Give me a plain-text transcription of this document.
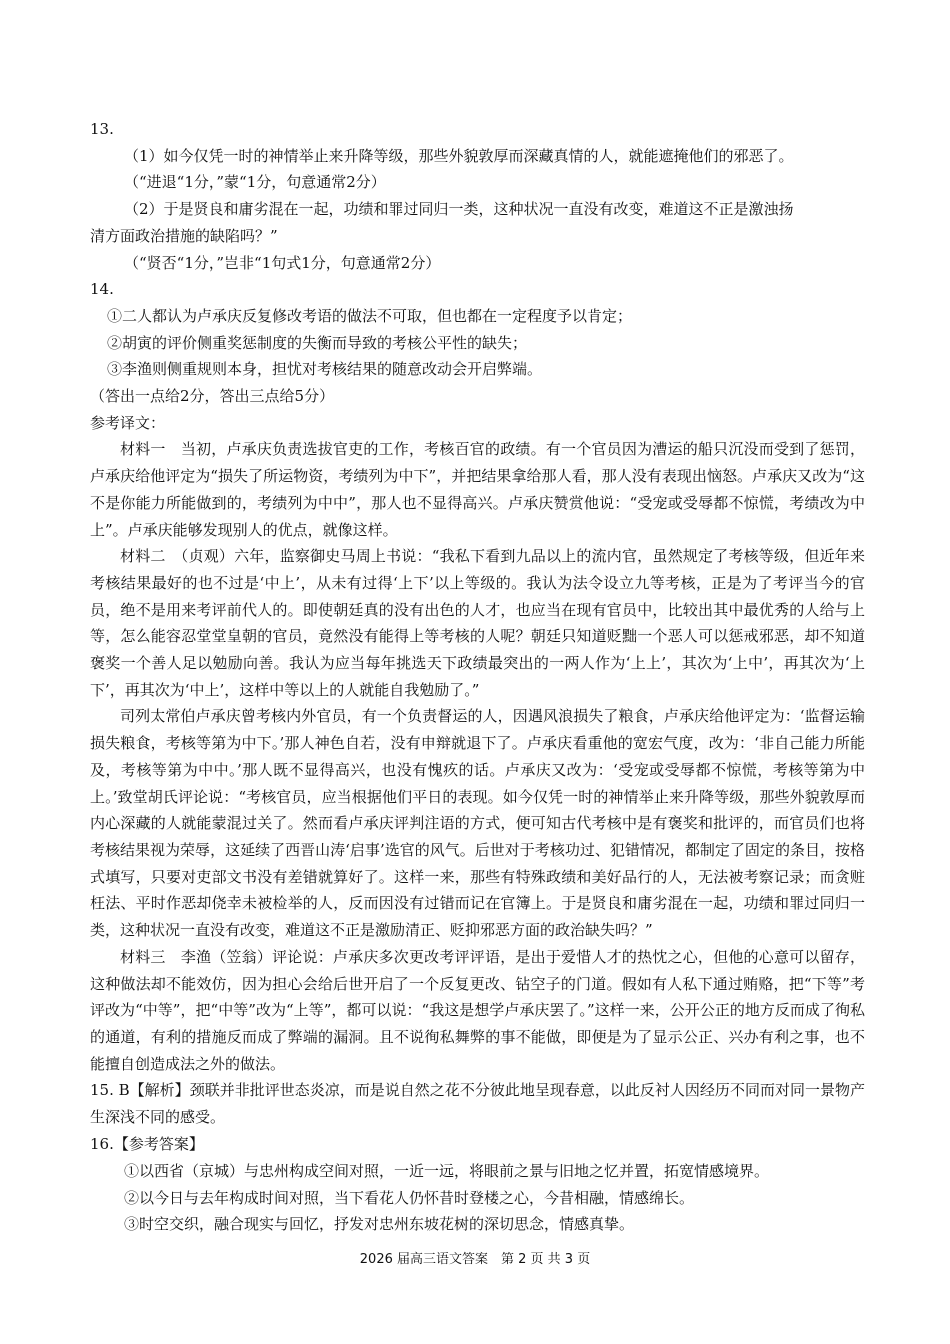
13.
（1）如今仅凭一时的神情举止来升降等级，那些外貌敦厚而深藏真情的人，就能遮掩他们的邪恶了。
（“进退“1分，”蒙“1分，句意通常2分）
（2）于是贤良和庸劣混在一起，功绩和罪过同归一类，这种状况一直没有改变，难道这不正是激浊扬
清方面政治措施的缺陷吗？”
（“贤否“1分，”岂非“1句式1分，句意通常2分）
14.
①二人都认为卢承庆反复修改考语的做法不可取，但也都在一定程度予以肯定；
②胡寅的评价侧重奖惩制度的失衡而导致的考核公平性的缺失；
③李渔则侧重规则本身，担忧对考核结果的随意改动会开启弊端。
（答出一点给2分，答出三点给5分）
参考译文：
材料一　当初，卢承庆负责选拔官吏的工作，考核百官的政绩。有一个官员因为漕运的船只沉没而受到了惩罚，卢承庆给他评定为“损失了所运物资，考绩列为中下”，并把结果拿给那人看，那人没有表现出恼怒。卢承庆又改为“这不是你能力所能做到的，考绩列为中中”，那人也不显得高兴。卢承庆赞赏他说：“受宠或受辱都不惊慌，考绩改为中上”。卢承庆能够发现别人的优点，就像这样。
材料二　（贞观）六年，监察御史马周上书说：“我私下看到九品以上的流内官，虽然规定了考核等级，但近年来考核结果最好的也不过是‘中上’，从未有过得‘上下’以上等级的。我认为法令设立九等考核，正是为了考评当今的官员，绝不是用来考评前代人的。即使朝廷真的没有出色的人才，也应当在现有官员中，比较出其中最优秀的人给与上等，怎么能容忍堂堂皇朝的官员，竟然没有能得上等考核的人呢？朝廷只知道贬黜一个恶人可以惩戒邪恶，却不知道褒奖一个善人足以勉励向善。我认为应当每年挑选天下政绩最突出的一两人作为‘上上’，其次为‘上中’，再其次为‘上下’，再其次为‘中上’，这样中等以上的人就能自我勉励了。”
司列太常伯卢承庆曾考核内外官员，有一个负责督运的人，因遇风浪损失了粮食，卢承庆给他评定为：‘监督运输损失粮食，考核等第为中下。’那人神色自若，没有申辩就退下了。卢承庆看重他的宽宏气度，改为：‘非自己能力所能及，考核等第为中中。’那人既不显得高兴，也没有愧疚的话。卢承庆又改为：‘受宠或受辱都不惊慌，考核等第为中上。’致堂胡氏评论说：“考核官员，应当根据他们平日的表现。如今仅凭一时的神情举止来升降等级，那些外貌敦厚而内心深藏的人就能蒙混过关了。然而看卢承庆评判注语的方式，便可知古代考核中是有褒奖和批评的，而官员们也将考核结果视为荣辱，这延续了西晋山涛‘启事’选官的风气。后世对于考核功过、犯错情况，都制定了固定的条目，按格式填写，只要对吏部文书没有差错就算好了。这样一来，那些有特殊政绩和美好品行的人，无法被考察记录；而贪赃枉法、平时作恶却侥幸未被检举的人，反而因没有过错而记在官簿上。于是贤良和庸劣混在一起，功绩和罪过同归一类，这种状况一直没有改变，难道这不正是激励清正、贬抑邪恶方面的政治缺失吗？”
材料三　李渔（笠翁）评论说：卢承庆多次更改考评评语，是出于爱惜人才的热忱之心，但他的心意可以留存，这种做法却不能效仿，因为担心会给后世开启了一个反复更改、钻空子的门道。假如有人私下通过贿赂，把“下等”考评改为“中等”，把“中等”改为“上等”，都可以说：“我这是想学卢承庆罢了。”这样一来，公开公正的地方反而成了徇私的通道，有利的措施反而成了弊端的漏洞。且不说徇私舞弊的事不能做，即便是为了显示公正、兴办有利之事，也不能擅自创造成法之外的做法。
15. B【解析】颈联并非批评世态炎凉，而是说自然之花不分彼此地呈现春意，以此反衬人因经历不同而对同一景物产生深浅不同的感受。
16.【参考答案】
①以西省（京城）与忠州构成空间对照，一近一远，将眼前之景与旧地之忆并置，拓宽情感境界。
②以今日与去年构成时间对照，当下看花人仍怀昔时登楼之心，今昔相融，情感绵长。
③时空交织，融合现实与回忆，抒发对忠州东坡花树的深切思念，情感真挚。
2026 届高三语文答案　第 2 页 共 3 页
